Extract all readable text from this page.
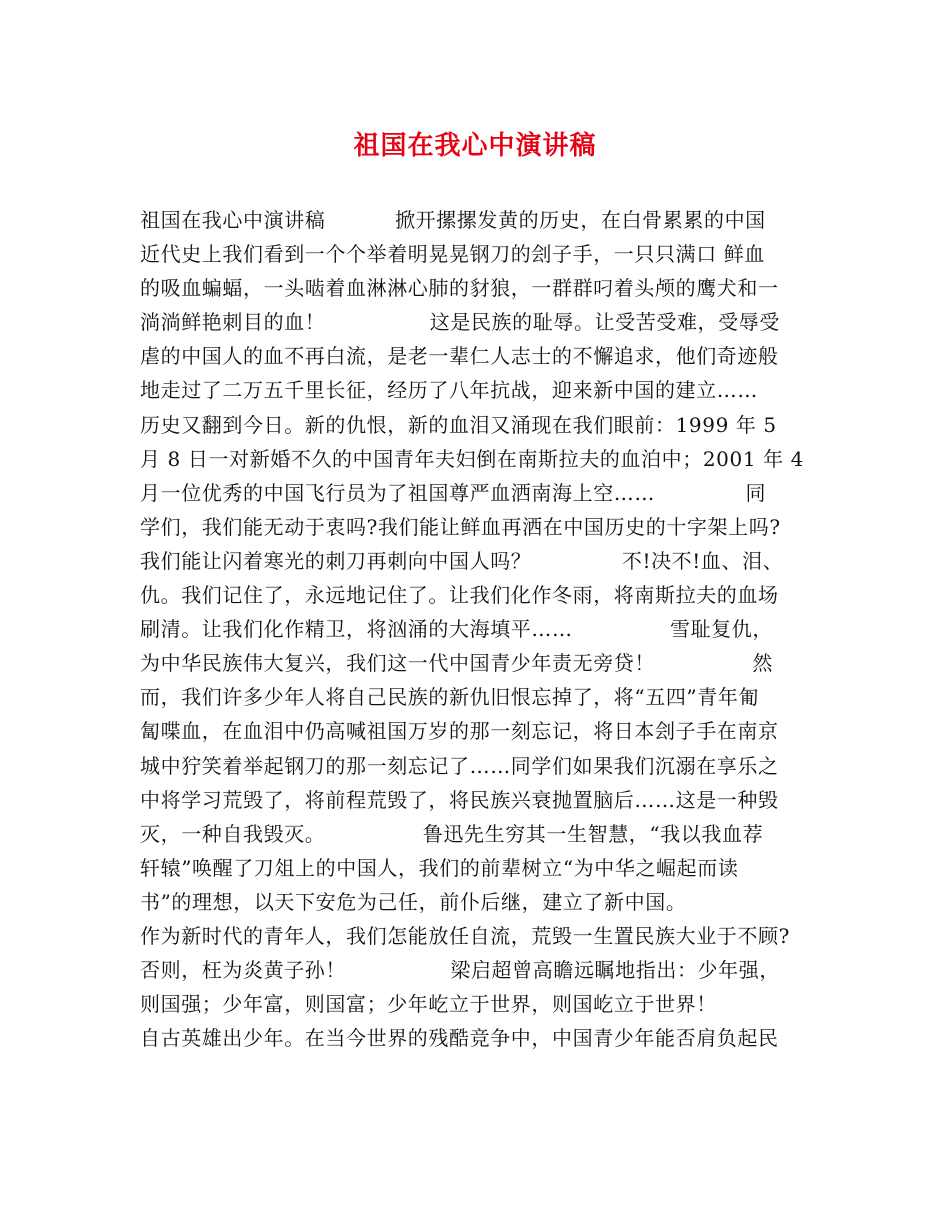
祖国在我心中演讲稿
祖国在我心中演讲稿          掀开摞摞发黄的历史，在白骨累累的中国
近代史上我们看到一个个举着明晃晃钢刀的刽子手，一只只满口 鲜血
的吸血蝙蝠，一头啮着血淋淋心肺的豺狼，一群群叼着头颅的鹰犬和一
淌淌鲜艳刺目的血！               这是民族的耻辱。让受苦受难，受辱受
虐的中国人的血不再白流，是老一辈仁人志士的不懈追求，他们奇迹般
地走过了二万五千里长征，经历了八年抗战，迎来新中国的建立……
历史又翻到今日。新的仇恨，新的血泪又涌现在我们眼前：1999 年 5
月 8 日一对新婚不久的中国青年夫妇倒在南斯拉夫的血泊中；2001 年 4
月一位优秀的中国飞行员为了祖国尊严血洒南海上空……             同
学们，我们能无动于衷吗?我们能让鲜血再洒在中国历史的十字架上吗?
我们能让闪着寒光的刺刀再刺向中国人吗？             不!决不!血、泪、
仇。我们记住了，永远地记住了。让我们化作冬雨，将南斯拉夫的血场
刷清。让我们化作精卫，将汹涌的大海填平……              雪耻复仇，
为中华民族伟大复兴，我们这一代中国青少年责无旁贷！              然
而，我们许多少年人将自己民族的新仇旧恨忘掉了，将“五四”青年匍
匐喋血，在血泪中仍高喊祖国万岁的那一刻忘记，将日本刽子手在南京
城中狞笑着举起钢刀的那一刻忘记了……同学们如果我们沉溺在享乐之
中将学习荒毁了，将前程荒毁了，将民族兴衰抛置脑后……这是一种毁
灭，一种自我毁灭。              鲁迅先生穷其一生智慧，“我以我血荐
轩辕”唤醒了刀俎上的中国人，我们的前辈树立“为中华之崛起而读
书”的理想，以天下安危为己任，前仆后继，建立了新中国。
作为新时代的青年人，我们怎能放任自流，荒毁一生置民族大业于不顾?
否则，枉为炎黄子孙！               梁启超曾高瞻远瞩地指出：少年强，
则国强；少年富，则国富；少年屹立于世界，则国屹立于世界！
自古英雄出少年。在当今世界的残酷竞争中，中国青少年能否肩负起民
